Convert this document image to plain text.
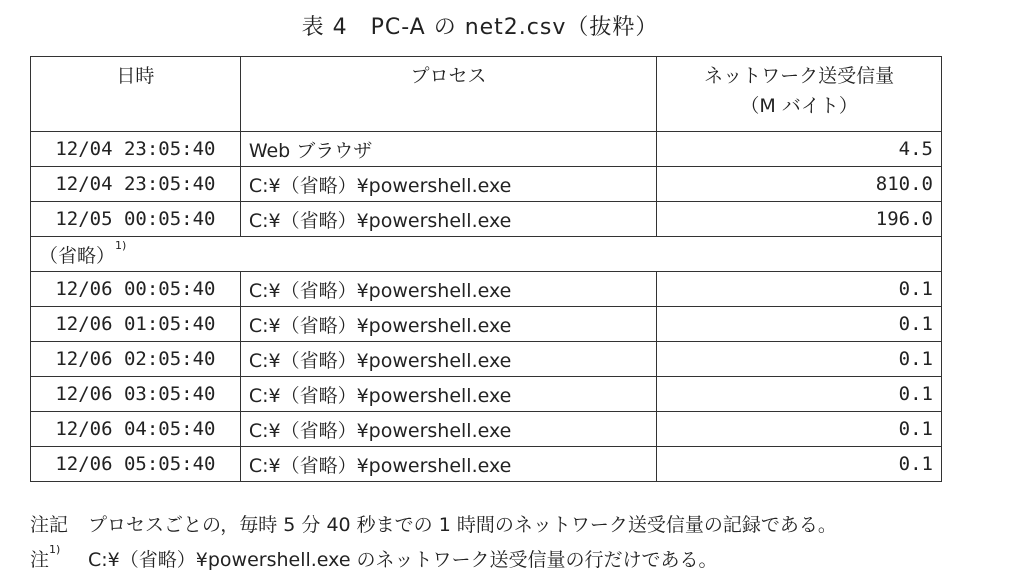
表 4　PC-A の net2.csv（抜粋）
日時	プロセス	ネットワーク送受信量
（M バイト）

12/04 23:05:40	Web ブラウザ	4.5
12/04 23:05:40	C:¥（省略）¥powershell.exe	810.0
12/05 00:05:40	C:¥（省略）¥powershell.exe	196.0
（省略）$^{1)}$
12/06 00:05:40	C:¥（省略）¥powershell.exe	0.1
12/06 01:05:40	C:¥（省略）¥powershell.exe	0.1
12/06 02:05:40	C:¥（省略）¥powershell.exe	0.1
12/06 03:05:40	C:¥（省略）¥powershell.exe	0.1
12/06 04:05:40	C:¥（省略）¥powershell.exe	0.1
12/06 05:05:40	C:¥（省略）¥powershell.exe	0.1
注記 プロセスごとの，毎時 5 分 40 秒までの 1 時間のネットワーク送受信量の記録である。
注$^{1)}$ C:¥（省略）¥powershell.exe のネットワーク送受信量の行だけである。
